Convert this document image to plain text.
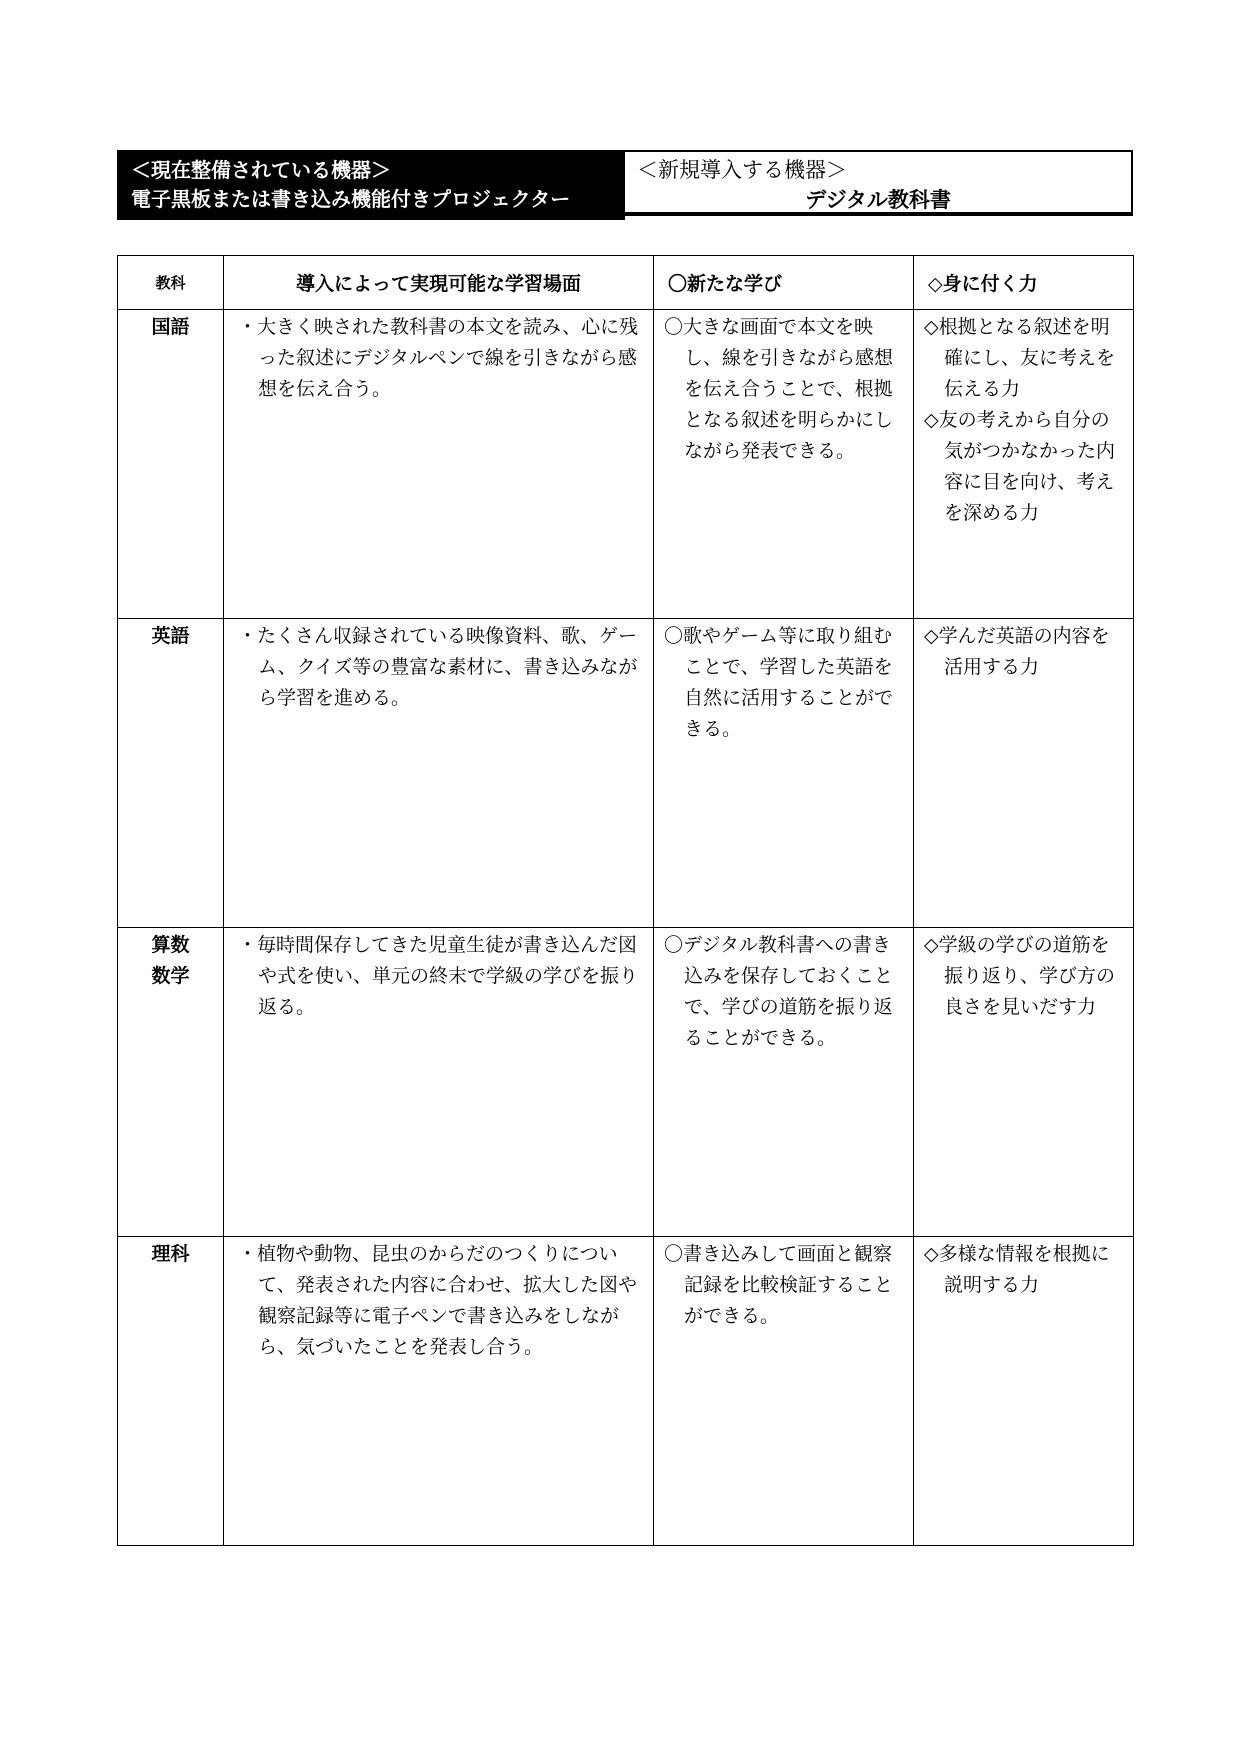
＜現在整備されている機器＞
電子黒板または書き込み機能付きプロジェクター
＜新規導入する機器＞
デジタル教科書
教科	導入によって実現可能な学習場面	〇新たな学び	◇身に付く力

国語	・大きく映された教科書の本文を読み、心に残った叙述にデジタルペンで線を引きながら感想を伝え合う。	〇大きな画面で本文を映し、線を引きながら感想を伝え合うことで、根拠となる叙述を明らかにしながら発表できる。	◇根拠となる叙述を明確にし、友に考えを伝える力
◇友の考えから自分の気がつかなかった内容に目を向け、考えを深める力

英語	・たくさん収録されている映像資料、歌、ゲーム、クイズ等の豊富な素材に、書き込みながら学習を進める。	〇歌やゲーム等に取り組むことで、学習した英語を自然に活用することができる。	◇学んだ英語の内容を活用する力

算数
数学	・毎時間保存してきた児童生徒が書き込んだ図や式を使い、単元の終末で学級の学びを振り返る。	〇デジタル教科書への書き込みを保存しておくことで、学びの道筋を振り返ることができる。	◇学級の学びの道筋を振り返り、学び方の良さを見いだす力

理科	・植物や動物、昆虫のからだのつくりについて、発表された内容に合わせ、拡大した図や観察記録等に電子ペンで書き込みをしながら、気づいたことを発表し合う。	〇書き込みして画面と観察記録を比較検証することができる。	◇多様な情報を根拠に説明する力
